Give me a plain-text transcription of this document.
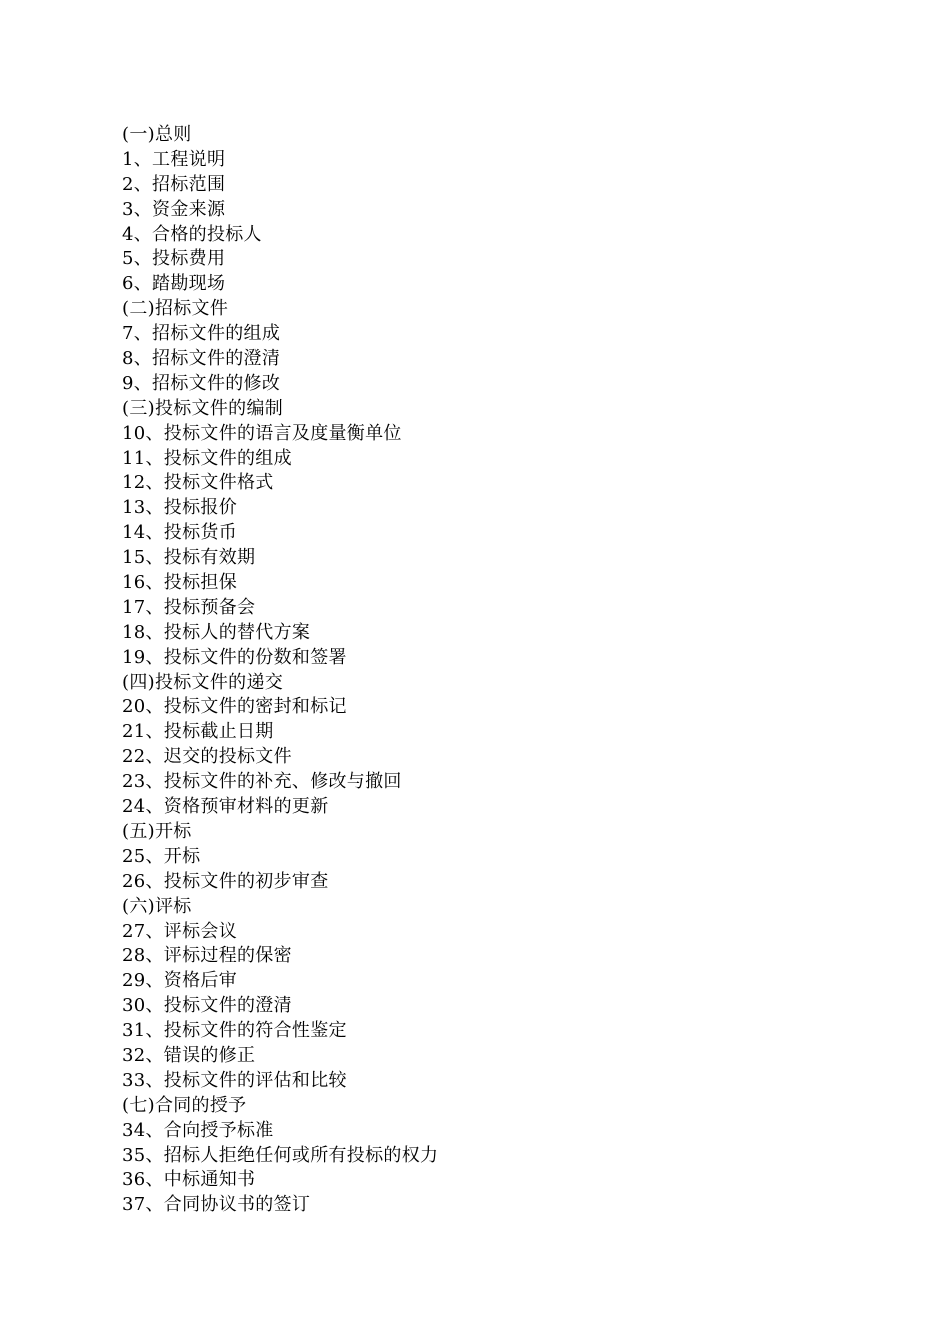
(一)总则
1、工程说明
2、招标范围
3、资金来源
4、合格的投标人
5、投标费用
6、踏勘现场
(二)招标文件
7、招标文件的组成
8、招标文件的澄清
9、招标文件的修改
(三)投标文件的编制
10、投标文件的语言及度量衡单位
11、投标文件的组成
12、投标文件格式
13、投标报价
14、投标货币
15、投标有效期
16、投标担保
17、投标预备会
18、投标人的替代方案
19、投标文件的份数和签署
(四)投标文件的递交
20、投标文件的密封和标记
21、投标截止日期
22、迟交的投标文件
23、投标文件的补充、修改与撤回
24、资格预审材料的更新
(五)开标
25、开标
26、投标文件的初步审查
(六)评标
27、评标会议
28、评标过程的保密
29、资格后审
30、投标文件的澄清
31、投标文件的符合性鉴定
32、错误的修正
33、投标文件的评估和比较
(七)合同的授予
34、合向授予标准
35、招标人拒绝任何或所有投标的权力
36、中标通知书
37、合同协议书的签订
